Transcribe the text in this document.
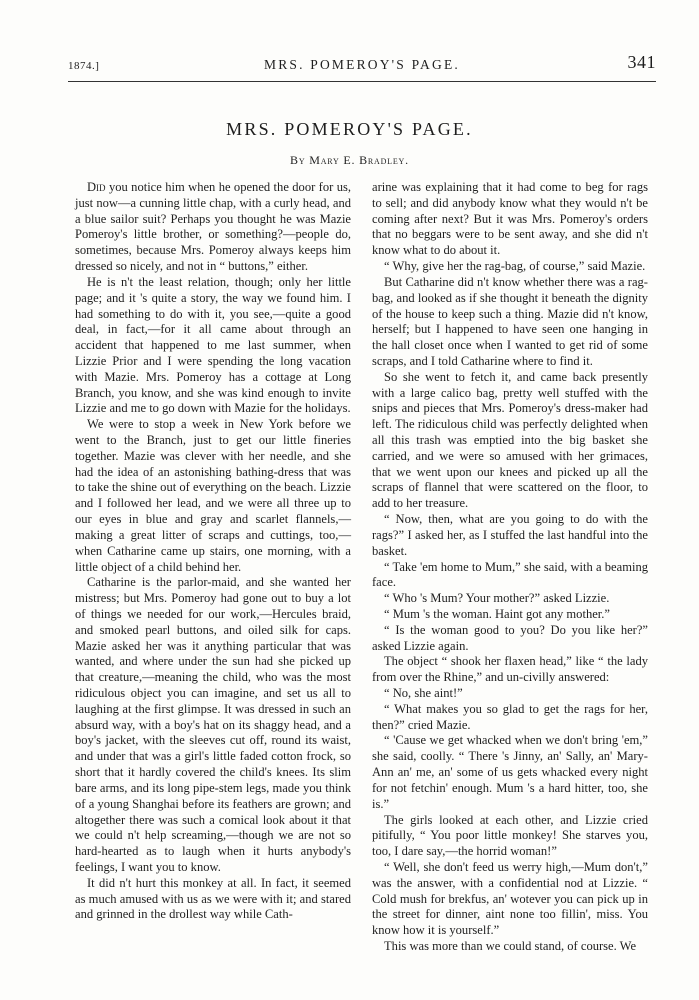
1874.]	MRS. POMEROY'S PAGE.	341
MRS. POMEROY'S PAGE.
By Mary E. Bradley.

Did you notice him when he opened the door for us, just now—a cunning little chap, with a curly head, and a blue sailor suit? Perhaps you thought he was Mazie Pomeroy's little brother, or something?—people do, sometimes, because Mrs. Pomeroy always keeps him dressed so nicely, and not in “ buttons,” either.

He is n't the least relation, though; only her little page; and it 's quite a story, the way we found him. I had something to do with it, you see,—quite a good deal, in fact,—for it all came about through an accident that happened to me last summer, when Lizzie Prior and I were spending the long vacation with Mazie. Mrs. Pomeroy has a cottage at Long Branch, you know, and she was kind enough to invite Lizzie and me to go down with Mazie for the holidays.

We were to stop a week in New York before we went to the Branch, just to get our little fineries together. Mazie was clever with her needle, and she had the idea of an astonishing bathing-dress that was to take the shine out of everything on the beach. Lizzie and I followed her lead, and we were all three up to our eyes in blue and gray and scarlet flannels,—making a great litter of scraps and cuttings, too,—when Catharine came up stairs, one morning, with a little object of a child behind her.

Catharine is the parlor-maid, and she wanted her mistress; but Mrs. Pomeroy had gone out to buy a lot of things we needed for our work,—Hercules braid, and smoked pearl buttons, and oiled silk for caps. Mazie asked her was it anything particular that was wanted, and where under the sun had she picked up that creature,—meaning the child, who was the most ridiculous object you can imagine, and set us all to laughing at the first glimpse. It was dressed in such an absurd way, with a boy's hat on its shaggy head, and a boy's jacket, with the sleeves cut off, round its waist, and under that was a girl's little faded cotton frock, so short that it hardly covered the child's knees. Its slim bare arms, and its long pipe-stem legs, made you think of a young Shanghai before its feathers are grown; and altogether there was such a comical look about it that we could n't help screaming,—though we are not so hard-hearted as to laugh when it hurts anybody's feelings, I want you to know.

It did n't hurt this monkey at all. In fact, it seemed as much amused with us as we were with it; and stared and grinned in the drollest way while Cath-

arine was explaining that it had come to beg for rags to sell; and did anybody know what they would n't be coming after next? But it was Mrs. Pomeroy's orders that no beggars were to be sent away, and she did n't know what to do about it.

“ Why, give her the rag-bag, of course,” said Mazie.

But Catharine did n't know whether there was a rag-bag, and looked as if she thought it beneath the dignity of the house to keep such a thing. Mazie did n't know, herself; but I happened to have seen one hanging in the hall closet once when I wanted to get rid of some scraps, and I told Catharine where to find it.

So she went to fetch it, and came back presently with a large calico bag, pretty well stuffed with the snips and pieces that Mrs. Pomeroy's dress-maker had left. The ridiculous child was perfectly delighted when all this trash was emptied into the big basket she carried, and we were so amused with her grimaces, that we went upon our knees and picked up all the scraps of flannel that were scattered on the floor, to add to her treasure.

“ Now, then, what are you going to do with the rags?” I asked her, as I stuffed the last handful into the basket.

“ Take 'em home to Mum,” she said, with a beaming face.

“ Who 's Mum? Your mother?” asked Lizzie.

“ Mum 's the woman. Haint got any mother.”

“ Is the woman good to you? Do you like her?” asked Lizzie again.

The object “ shook her flaxen head,” like “ the lady from over the Rhine,” and un-civilly answered:

“ No, she aint!”

“ What makes you so glad to get the rags for her, then?” cried Mazie.

“ 'Cause we get whacked when we don't bring 'em,” she said, coolly. “ There 's Jinny, an' Sally, an' Mary-Ann an' me, an' some of us gets whacked every night for not fetchin' enough. Mum 's a hard hitter, too, she is.”

The girls looked at each other, and Lizzie cried pitifully, “ You poor little monkey! She starves you, too, I dare say,—the horrid woman!”

“ Well, she don't feed us werry high,—Mum don't,” was the answer, with a confidential nod at Lizzie. “ Cold mush for brekfus, an' wotever you can pick up in the street for dinner, aint none too fillin', miss. You know how it is yourself.”

This was more than we could stand, of course. We
